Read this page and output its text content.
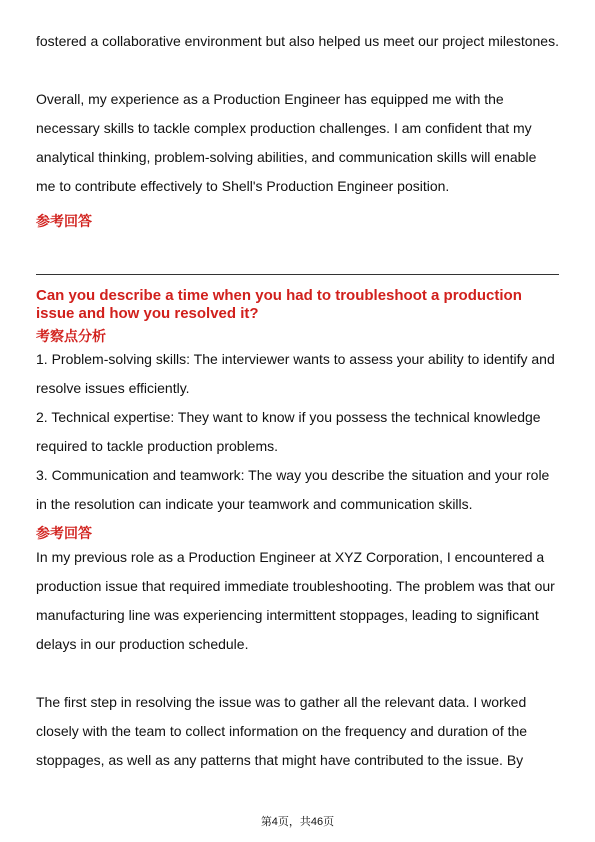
fostered a collaborative environment but also helped us meet our project milestones.

Overall, my experience as a Production Engineer has equipped me with the necessary skills to tackle complex production challenges. I am confident that my analytical thinking, problem-solving abilities, and communication skills will enable me to contribute effectively to Shell's Production Engineer position.

参考回答

Can you describe a time when you had to troubleshoot a production issue and how you resolved it?

考察点分析

1. Problem-solving skills: The interviewer wants to assess your ability to identify and resolve issues efficiently.

2. Technical expertise: They want to know if you possess the technical knowledge required to tackle production problems.

3. Communication and teamwork: The way you describe the situation and your role in the resolution can indicate your teamwork and communication skills.

参考回答

In my previous role as a Production Engineer at XYZ Corporation, I encountered a production issue that required immediate troubleshooting. The problem was that our manufacturing line was experiencing intermittent stoppages, leading to significant delays in our production schedule.

The first step in resolving the issue was to gather all the relevant data. I worked closely with the team to collect information on the frequency and duration of the stoppages, as well as any patterns that might have contributed to the issue. By

第4页，共46页
